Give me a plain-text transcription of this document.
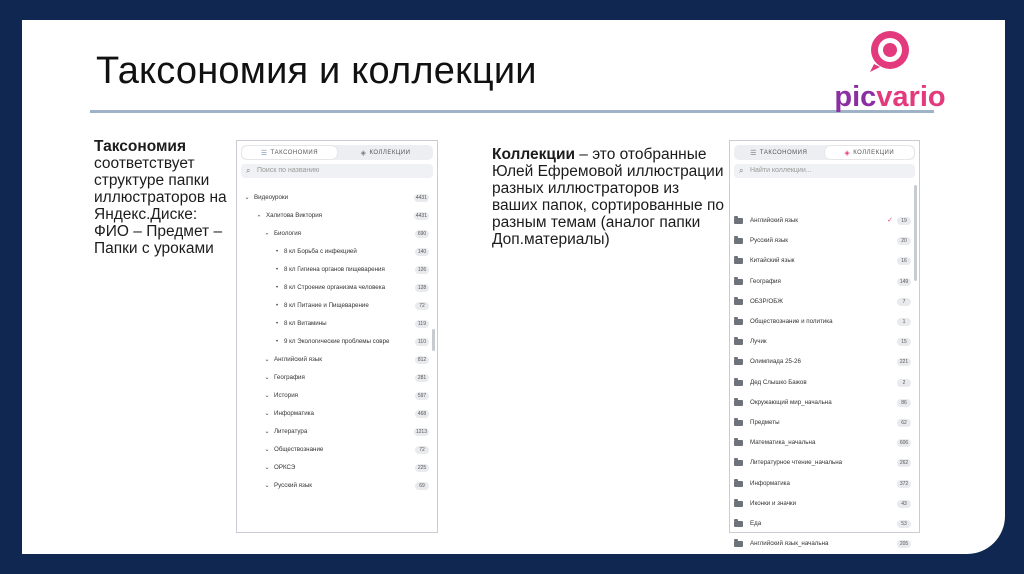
Таксономия и коллекции
picvario
Таксономия
соответствует структуре папки иллюстраторов на Яндекс.Диске: ФИО – Предмет – Папки с уроками
Коллекции – это отобранные Юлей Ефремовой иллюстрации разных иллюстраторов из ваших папок, сортированные по разным темам (аналог папки Доп.материалы)
☰ ТАКСОНОМИЯ	◈ КОЛЛЕКЦИИ
⌕ Поиск по названию
⌄ Видеоуроки	4431
⌄ Халитова Виктория	4431
⌄ Биология	690
• 8 кл Борьба с инфекцией	140
• 8 кл Гигиена органов пищеварения	126
• 8 кл Строение организма человека	128
• 8 кл Питание и Пищеварение	72
• 8 кл Витамины	119
• 9 кл Экологические проблемы совре	110
⌄ Английский язык	812
⌄ География	281
⌄ История	597
⌄ Информатика	468
⌄ Литература	1213
⌄ Обществознание	72
⌄ ОРКСЭ	225
⌄ Русский язык	69
☰ ТАКСОНОМИЯ	◈ КОЛЛЕКЦИИ
⌕ Найти коллекции...
Английский язык	✓	19
Русский язык	20
Китайский язык	16
География	149
ОБЗР/ОБЖ	7
Обществознание и политика	1
Лучик	15
Олимпиада 25-26	221
Дед Слышко Бажов	2
Окружающий мир_начальна	86
Предметы	62
Математика_начальна	606
Литературное чтение_начальна	262
Информатика	372
Иконки и значки	43
Еда	53
Английский язык_начальна	205
